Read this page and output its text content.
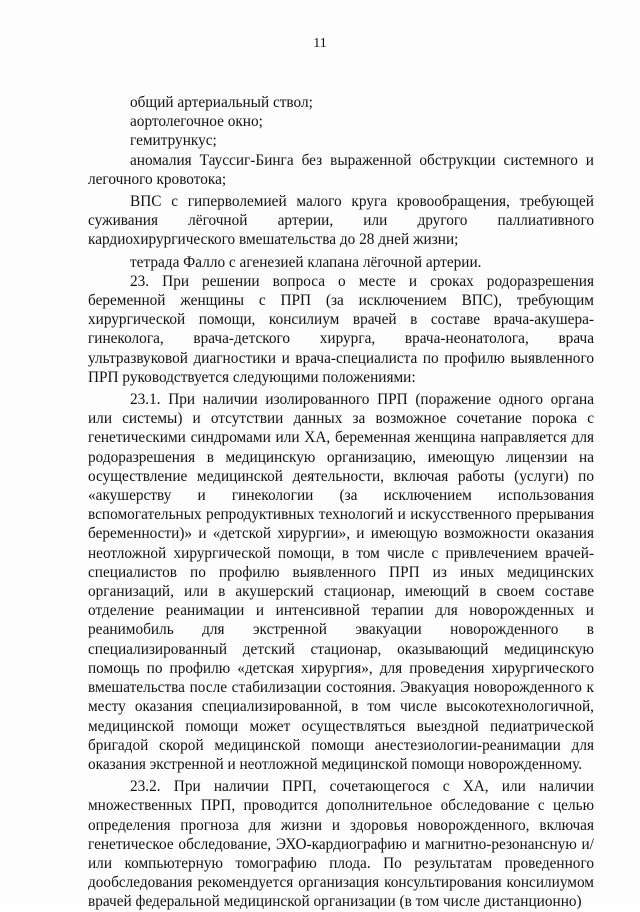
11

общий артериальный ствол;

аортолегочное окно;

гемитрункус;

аномалия Тауссиг-Бинга без выраженной обструкции системного и легочного кровотока;

ВПС с гиперволемией малого круга кровообращения, требующей суживания лёгочной артерии, или другого паллиативного кардиохирургического вмешательства до 28 дней жизни;

тетрада Фалло с агенезией клапана лёгочной артерии.

23. При решении вопроса о месте и сроках родоразрешения беременной женщины с ПРП (за исключением ВПС), требующим хирургической помощи, консилиум врачей в составе врача-акушера-гинеколога, врача-детского хирурга, врача-неонатолога, врача ультразвуковой диагностики и врача-специалиста по профилю выявленного ПРП руководствуется следующими положениями:

23.1. При наличии изолированного ПРП (поражение одного органа или системы) и отсутствии данных за возможное сочетание порока с генетическими синдромами или ХА, беременная женщина направляется для родоразрешения в медицинскую организацию, имеющую лицензии на осуществление медицинской деятельности, включая работы (услуги) по «акушерству и гинекологии (за исключением использования вспомогательных репродуктивных технологий и искусственного прерывания беременности)» и «детской хирургии», и имеющую возможности оказания неотложной хирургической помощи, в том числе с привлечением врачей-специалистов по профилю выявленного ПРП из иных медицинских организаций, или в акушерский стационар, имеющий в своем составе отделение реанимации и интенсивной терапии для новорожденных и реанимобиль для экстренной эвакуации новорожденного в специализированный детский стационар, оказывающий медицинскую помощь по профилю «детская хирургия», для проведения хирургического вмешательства после стабилизации состояния. Эвакуация новорожденного к месту оказания специализированной, в том числе высокотехнологичной, медицинской помощи может осуществляться выездной педиатрической бригадой скорой медицинской помощи анестезиологии-реанимации для оказания экстренной и неотложной медицинской помощи новорожденному.

23.2. При наличии ПРП, сочетающегося с ХА, или наличии множественных ПРП, проводится дополнительное обследование с целью определения прогноза для жизни и здоровья новорожденного, включая генетическое обследование, ЭХО-кардиографию и магнитно-резонансную и/или компьютерную томографию плода. По результатам проведенного дообследования рекомендуется организация консультирования консилиумом врачей федеральной медицинской организации (в том числе дистанционно)
